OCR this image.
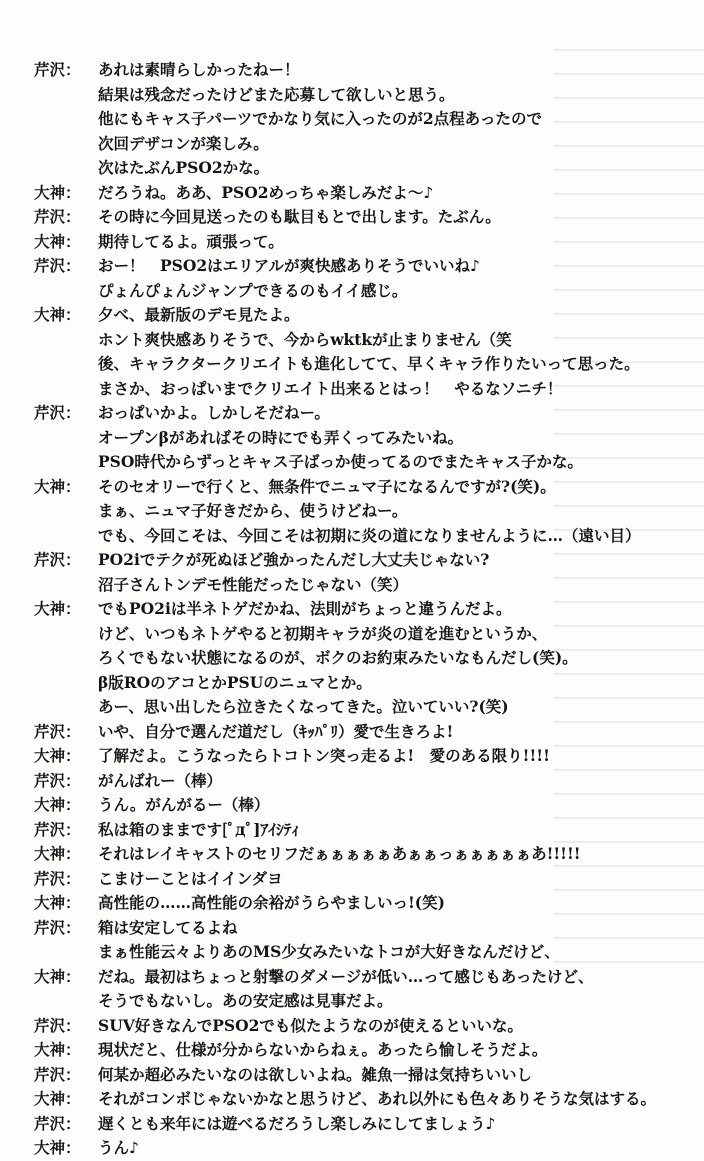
芹沢：	あれは素晴らしかったねー！
結果は残念だったけどまた応募して欲しいと思う。
他にもキャス子パーツでかなり気に入ったのが2点程あったので
次回デザコンが楽しみ。
次はたぶんPSO2かな。
大神：	だろうね。ああ、PSO2めっちゃ楽しみだよ～♪
芹沢：	その時に今回見送ったのも駄目もとで出します。たぶん。
大神：	期待してるよ。頑張って。
芹沢：	おー！　PSO2はエリアルが爽快感ありそうでいいね♪
ぴょんぴょんジャンプできるのもイイ感じ。
大神：	夕べ、最新版のデモ見たよ。
ホント爽快感ありそうで、今からwktkが止まりません（笑
後、キャラクタークリエイトも進化してて、早くキャラ作りたいって思った。
まさか、おっぱいまでクリエイト出来るとはっ！　やるなソニチ！
芹沢：	おっぱいかよ。しかしそだねー。
オープンβがあればその時にでも弄くってみたいね。
PSO時代からずっとキャス子ばっか使ってるのでまたキャス子かな。
大神：	そのセオリーで行くと、無条件でニュマ子になるんですが?(笑)。
まぁ、ニュマ子好きだから、使うけどねー。
でも、今回こそは、今回こそは初期に炎の道になりませんように…（遠い目）
芹沢：	PO2iでテクが死ぬほど強かったんだし大丈夫じゃない?
沼子さんトンデモ性能だったじゃない（笑）
大神：	でもPO2iは半ネトゲだかね、法則がちょっと違うんだよ。
けど、いつもネトゲやると初期キャラが炎の道を進むというか、
ろくでもない状態になるのが、ボクのお約束みたいなもんだし(笑)。
β版ROのアコとかPSUのニュマとか。
あー、思い出したら泣きたくなってきた。泣いていい?(笑)
芹沢：	いや、自分で選んだ道だし（ｷｯﾊﾟﾘ）愛で生きろよ!
大神：	了解だよ。こうなったらトコトン突っ走るよ!　愛のある限り!!!!
芹沢：	がんばれー（棒）
大神：	うん。がんがるー（棒）
芹沢：	私は箱のままです[ﾟдﾟ]ｱｲｼﾃｨ
大神：	それはレイキャストのセリフだぁぁぁぁぁあぁぁっぁぁぁぁぁあ!!!!!
芹沢：	こまけーことはイインダヨ
大神：	高性能の……高性能の余裕がうらやましいっ!(笑)
芹沢：	箱は安定してるよね
まぁ性能云々よりあのMS少女みたいなトコが大好きなんだけど、
大神：	だね。最初はちょっと射撃のダメージが低い…って感じもあったけど、
そうでもないし。あの安定感は見事だよ。
芹沢：	SUV好きなんでPSO2でも似たようなのが使えるといいな。
大神：	現状だと、仕様が分からないからねぇ。あったら愉しそうだよ。
芹沢：	何某か超必みたいなのは欲しいよね。雑魚一掃は気持ちいいし
大神：	それがコンボじゃないかなと思うけど、あれ以外にも色々ありそうな気はする。
芹沢：	遅くとも来年には遊べるだろうし楽しみにしてましょう♪
大神：	うん♪
